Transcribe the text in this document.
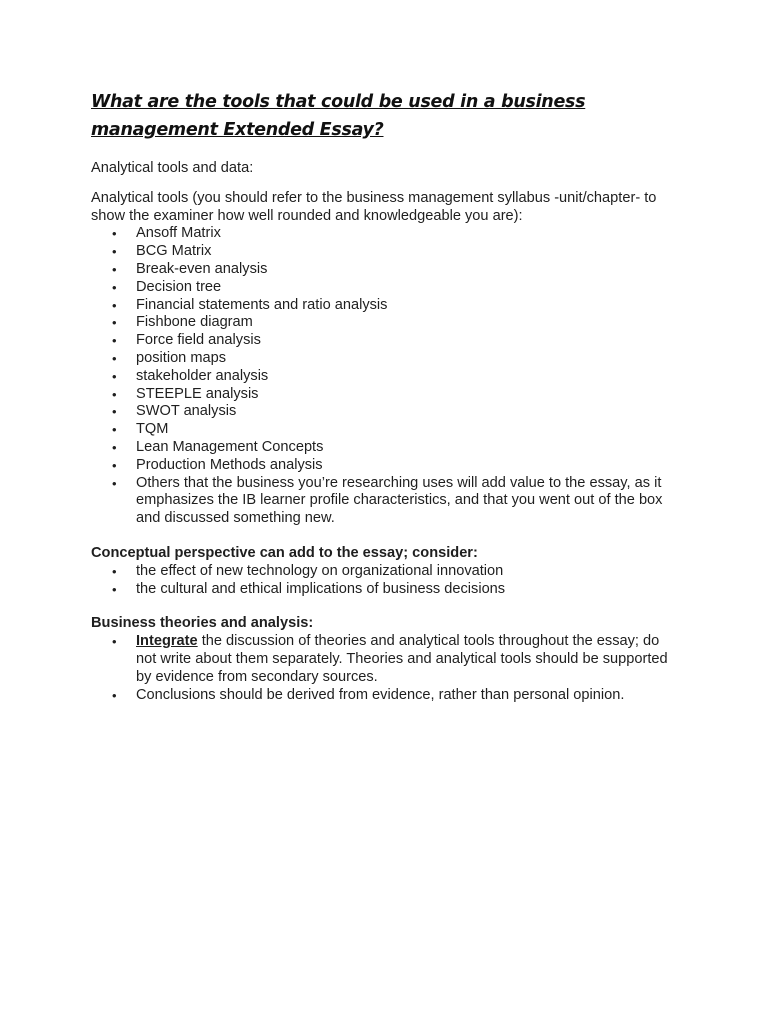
What are the tools that could be used in a business management Extended Essay?

Analytical tools and data:

Analytical tools (you should refer to the business management syllabus -unit/chapter- to show the examiner how well rounded and knowledgeable you are):

• Ansoff Matrix
• BCG Matrix
• Break-even analysis
• Decision tree
• Financial statements and ratio analysis
• Fishbone diagram
• Force field analysis
• position maps
• stakeholder analysis
• STEEPLE analysis
• SWOT analysis
• TQM
• Lean Management Concepts
• Production Methods analysis
• Others that the business you’re researching uses will add value to the essay, as it emphasizes the IB learner profile characteristics, and that you went out of the box and discussed something new.

Conceptual perspective can add to the essay; consider:

• the effect of new technology on organizational innovation
• the cultural and ethical implications of business decisions

Business theories and analysis:

• Integrate the discussion of theories and analytical tools throughout the essay; do not write about them separately. Theories and analytical tools should be supported by evidence from secondary sources.
• Conclusions should be derived from evidence, rather than personal opinion.
